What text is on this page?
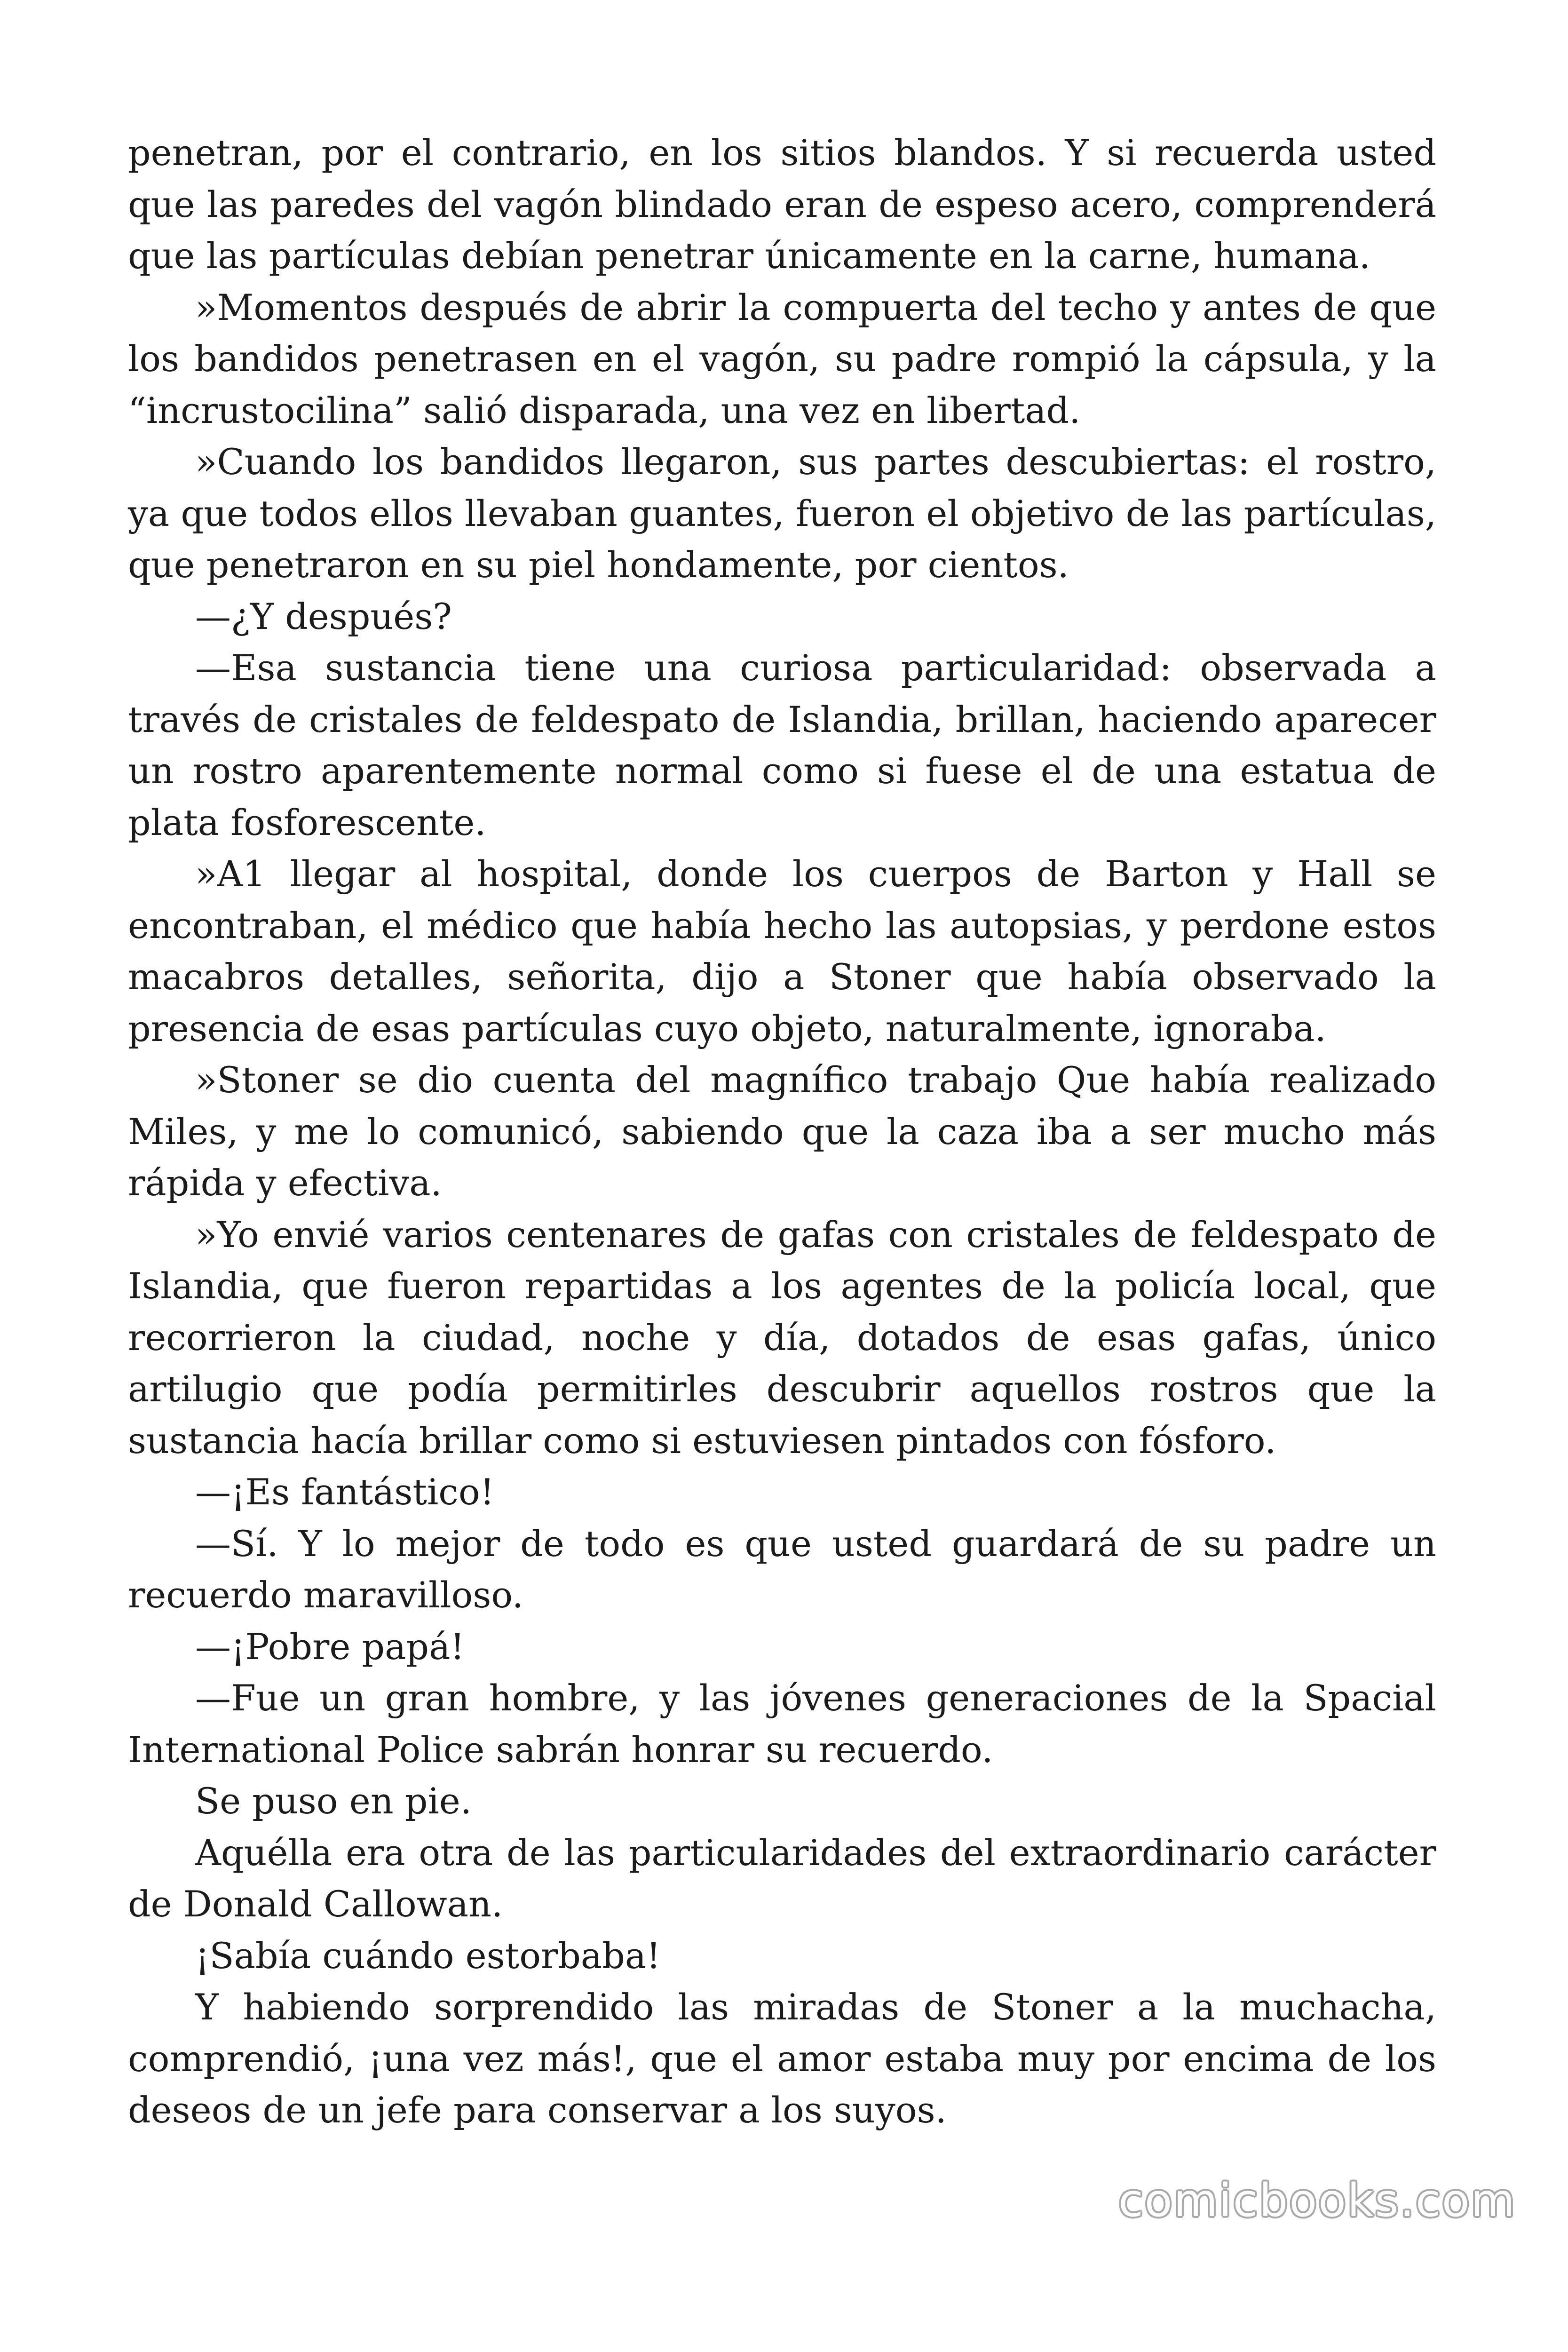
penetran, por el contrario, en los sitios blandos. Y si recuerda usted que las paredes del vagón blindado eran de espeso acero, comprenderá que las partículas debían penetrar únicamente en la carne, humana.

»Momentos después de abrir la compuerta del techo y antes de que los bandidos penetrasen en el vagón, su padre rompió la cápsula, y la “incrustocilina” salió disparada, una vez en libertad.

»Cuando los bandidos llegaron, sus partes descubiertas: el rostro, ya que todos ellos llevaban guantes, fueron el objetivo de las partículas, que penetraron en su piel hondamente, por cientos.

—¿Y después?

—Esa sustancia tiene una curiosa particularidad: observada a través de cristales de feldespato de Islandia, brillan, haciendo aparecer un rostro aparentemente normal como si fuese el de una estatua de plata fosforescente.

»A1 llegar al hospital, donde los cuerpos de Barton y Hall se encontraban, el médico que había hecho las autopsias, y perdone estos macabros detalles, señorita, dijo a Stoner que había observado la presencia de esas partículas cuyo objeto, naturalmente, ignoraba.

»Stoner se dio cuenta del magnífico trabajo Que había realizado Miles, y me lo comunicó, sabiendo que la caza iba a ser mucho más rápida y efectiva.

»Yo envié varios centenares de gafas con cristales de feldespato de Islandia, que fueron repartidas a los agentes de la policía local, que recorrieron la ciudad, noche y día, dotados de esas gafas, único artilugio que podía permitirles descubrir aquellos rostros que la sustancia hacía brillar como si estuviesen pintados con fósforo.

—¡Es fantástico!

—Sí. Y lo mejor de todo es que usted guardará de su padre un recuerdo maravilloso.

—¡Pobre papá!

—Fue un gran hombre, y las jóvenes generaciones de la Spacial International Police sabrán honrar su recuerdo.

Se puso en pie.

Aquélla era otra de las particularidades del extraordinario carácter de Donald Callowan.

¡Sabía cuándo estorbaba!

Y habiendo sorprendido las miradas de Stoner a la muchacha, comprendió, ¡una vez más!, que el amor estaba muy por encima de los deseos de un jefe para conservar a los suyos.

comicbooks.com
